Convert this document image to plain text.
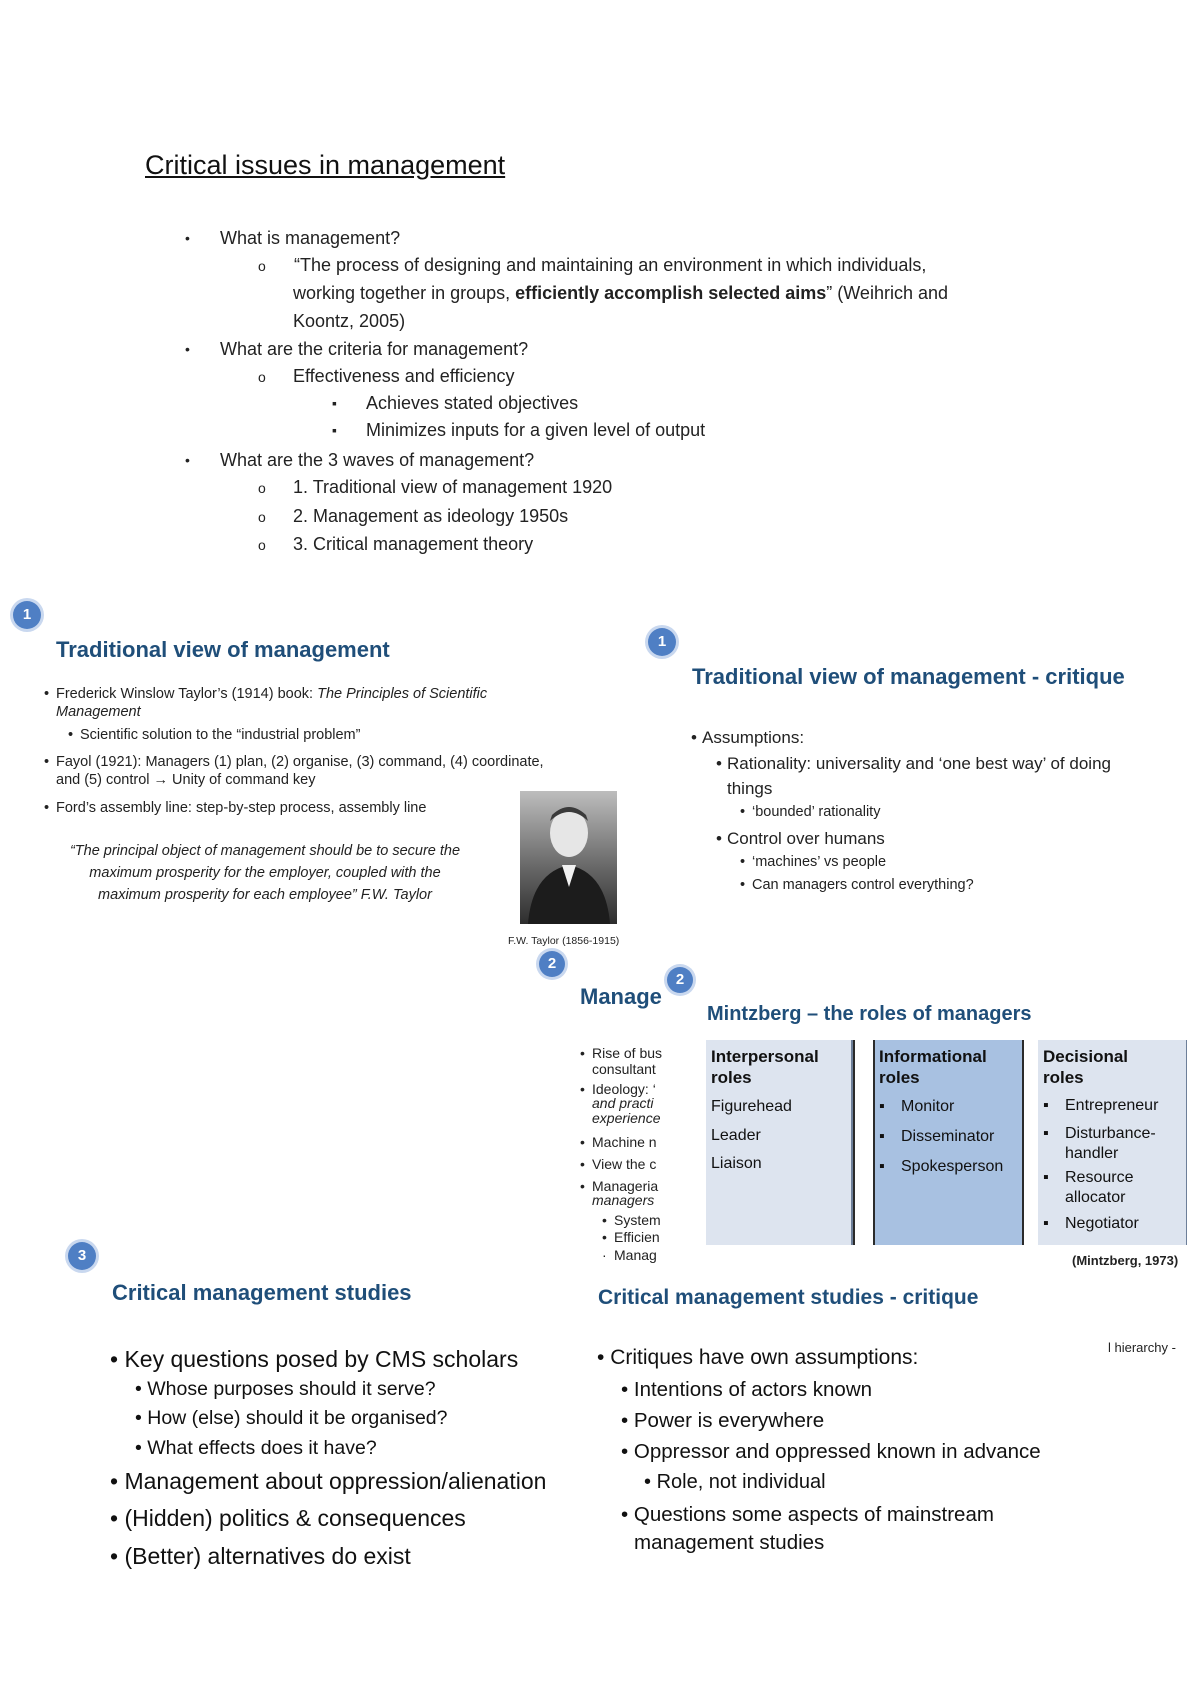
Critical issues in management
• What is management?
o “The process of designing and maintaining an environment in which individuals,
working together in groups, efficiently accomplish selected aims” (Weihrich and
Koontz, 2005)
• What are the criteria for management?
o Effectiveness and efficiency
▪ Achieves stated objectives
▪ Minimizes inputs for a given level of output
• What are the 3 waves of management?
o 1. Traditional view of management 1920
o 2. Management as ideology 1950s
o 3. Critical management theory
1
Traditional view of management
• Frederick Winslow Taylor’s (1914) book: The Principles of Scientific
Management
• Scientific solution to the “industrial problem”
• Fayol (1921): Managers (1) plan, (2) organise, (3) command, (4) coordinate,
and (5) control → Unity of command key
• Ford’s assembly line: step-by-step process, assembly line
“The principal object of management should be to secure the
maximum prosperity for the employer, coupled with the
maximum prosperity for each employee” F.W. Taylor
F.W. Taylor (1856-1915)
1
Traditional view of management - critique
• Assumptions:
• Rationality: universality and ‘one best way’ of doing
things
• ‘bounded’ rationality
• Control over humans
• ‘machines’ vs people
• Can managers control everything?
2
Manage
• Rise of bus
consultant
• Ideology: ‘
and practi
experience
• Machine n
• View the c
• Manageria
managers
• System
• Efficien
· Manag
2
Mintzberg – the roles of managers
Interpersonal
roles
Figurehead
Leader
Liaison
Informational
roles
▪ Monitor
▪ Disseminator
▪ Spokesperson
Decisional
roles
▪ Entrepreneur
▪ Disturbance-
handler
▪ Resource
allocator
▪ Negotiator
(Mintzberg, 1973)
l hierarchy -
3
Critical management studies
• Key questions posed by CMS scholars
• Whose purposes should it serve?
• How (else) should it be organised?
• What effects does it have?
• Management about oppression/alienation
• (Hidden) politics & consequences
• (Better) alternatives do exist
Critical management studies - critique
• Critiques have own assumptions:
• Intentions of actors known
• Power is everywhere
• Oppressor and oppressed known in advance
• Role, not individual
• Questions some aspects of mainstream
management studies
